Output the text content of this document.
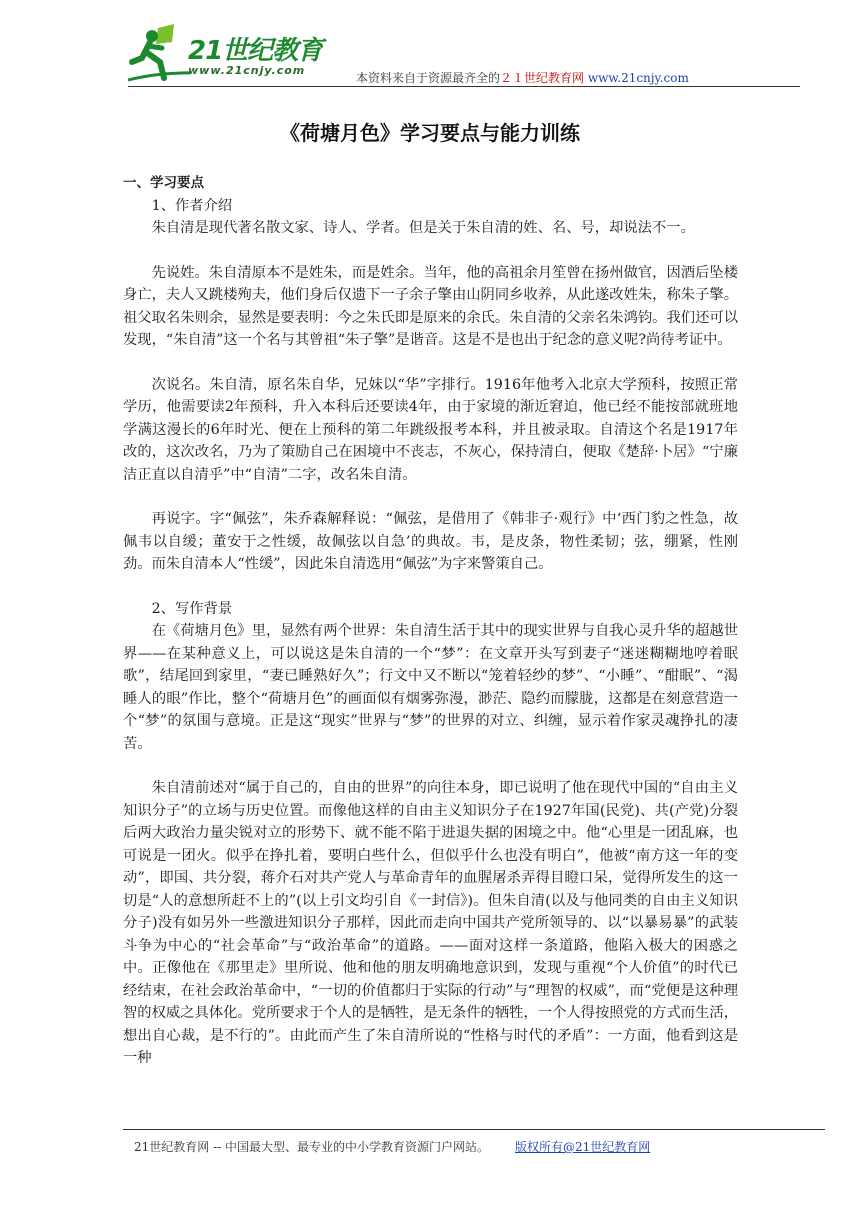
21世纪教育
www.21cnjy.com
本资料来自于资源最齐全的２１世纪教育网 www.21cnjy.com
《荷塘月色》学习要点与能力训练

一、学习要点

1、作者介绍

朱自清是现代著名散文家、诗人、学者。但是关于朱自清的姓、名、号，却说法不一。

先说姓。朱自清原本不是姓朱，而是姓余。当年，他的高祖余月笙曾在扬州做官，因酒后坠楼身亡，夫人又跳楼殉夫，他们身后仅遗下一子余子擎由山阴同乡收养，从此遂改姓朱，称朱子擎。祖父取名朱则余，显然是要表明：今之朱氏即是原来的余氏。朱自清的父亲名朱鸿钧。我们还可以发现，“朱自清”这一个名与其曾祖“朱子擎”是谐音。这是不是也出于纪念的意义呢?尚待考证中。

次说名。朱自清，原名朱自华，兄妹以“华”字排行。1916年他考入北京大学预科，按照正常学历，他需要读2年预科，升入本科后还要读4年，由于家境的渐近窘迫，他已经不能按部就班地学满这漫长的6年时光、便在上预科的第二年跳级报考本科，并且被录取。自清这个名是1917年改的，这次改名，乃为了策励自己在困境中不丧志，不灰心，保持清白，便取《楚辞·卜居》“宁廉洁正直以自清乎”中“自清”二字，改名朱自清。

再说字。字“佩弦”，朱乔森解释说：“佩弦，是借用了《韩非子·观行》中‘西门豹之性急，故佩韦以自缓；董安于之性缓，故佩弦以自急’的典故。韦，是皮条，物性柔韧；弦，绷紧，性刚劲。而朱自清本人“性缓”，因此朱自清选用“佩弦”为字来警策自己。

2、写作背景

在《荷塘月色》里，显然有两个世界：朱自清生活于其中的现实世界与自我心灵升华的超越世界——在某种意义上，可以说这是朱自清的一个“梦”：在文章开头写到妻子“迷迷糊糊地哼着眠歌”，结尾回到家里，“妻已睡熟好久”；行文中又不断以“笼着轻纱的梦”、“小睡”、“酣眠”、“渴睡人的眼”作比，整个“荷塘月色”的画面似有烟雾弥漫，渺茫、隐约而朦胧，这都是在刻意营造一个“梦”的氛围与意境。正是这“现实”世界与“梦”的世界的对立、纠缠，显示着作家灵魂挣扎的凄苦。

朱自清前述对“属于自己的，自由的世界”的向往本身，即已说明了他在现代中国的“自由主义知识分子”的立场与历史位置。而像他这样的自由主义知识分子在1927年国(民党)、共(产党)分裂后两大政治力量尖锐对立的形势下、就不能不陷于进退失据的困境之中。他“心里是一团乱麻，也可说是一团火。似乎在挣扎着，要明白些什么，但似乎什么也没有明白”，他被“南方这一年的变动”，即国、共分裂，蒋介石对共产党人与革命青年的血腥屠杀弄得目瞪口呆，觉得所发生的这一切是“人的意想所赶不上的”(以上引文均引自《一封信》)。但朱自清(以及与他同类的自由主义知识分子)没有如另外一些激进知识分子那样，因此而走向中国共产党所领导的、以“以暴易暴”的武装斗争为中心的“社会革命”与“政治革命”的道路。——面对这样一条道路，他陷入极大的困惑之中。正像他在《那里走》里所说、他和他的朋友明确地意识到，发现与重视“个人价值”的时代已经结束，在社会政治革命中，“一切的价值都归于实际的行动”与“理智的权威”，而“党便是这种理智的权威之具体化。党所要求于个人的是牺牲，是无条件的牺牲，一个人得按照党的方式而生活，想出自心裁，是不行的”。由此而产生了朱自清所说的“性格与时代的矛盾”：一方面，他看到这是一种

21世纪教育网 -- 中国最大型、最专业的中小学教育资源门户网站。 版权所有@21世纪教育网
